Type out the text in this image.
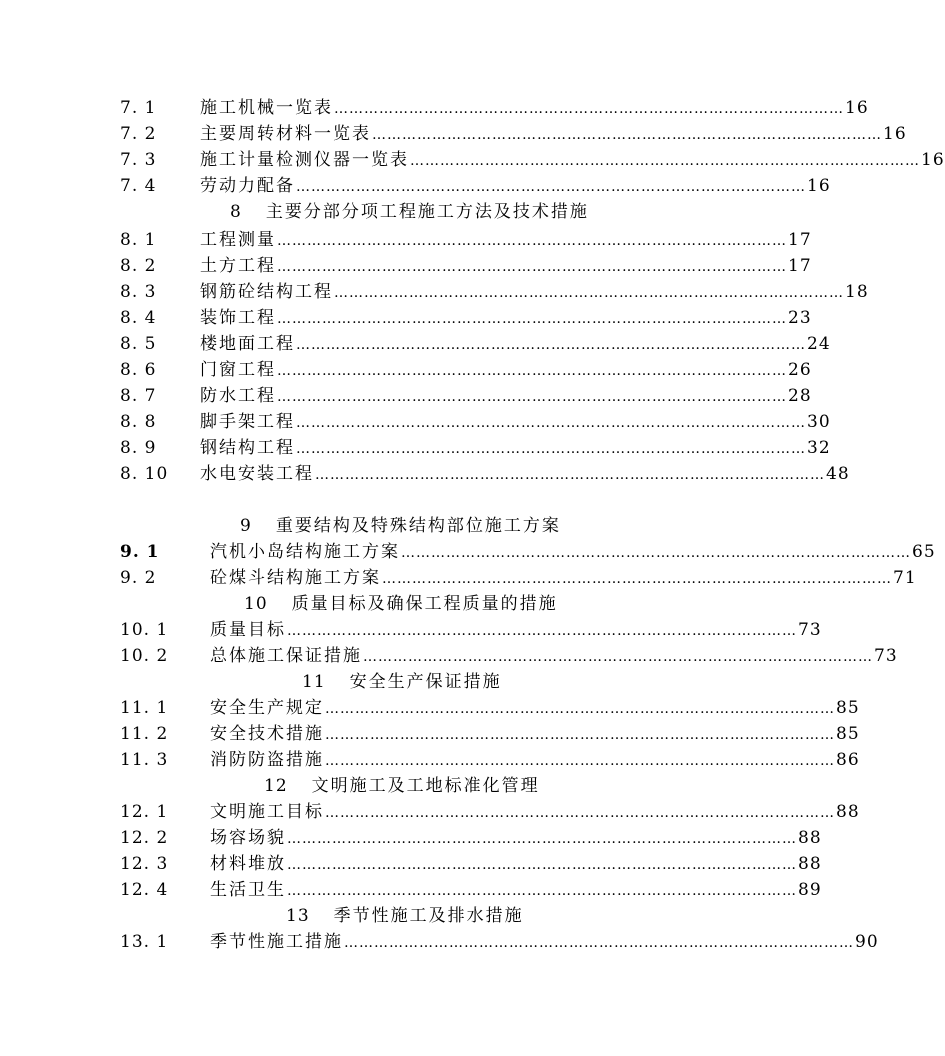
7. 1	施工机械一览表 ………………………………………………………………………………………… 16
7. 2	主要周转材料一览表 ………………………………………………………………………………………… 16
7. 3	施工计量检测仪器一览表 ………………………………………………………………………………………… 16
7. 4	劳动力配备 ………………………………………………………………………………………… 16
8 主要分部分项工程施工方法及技术措施
8. 1	工程测量 ………………………………………………………………………………………… 17
8. 2	土方工程 ………………………………………………………………………………………… 17
8. 3	钢筋砼结构工程 ………………………………………………………………………………………… 18
8. 4	装饰工程 ………………………………………………………………………………………… 23
8. 5	楼地面工程 ………………………………………………………………………………………… 24
8. 6	门窗工程 ………………………………………………………………………………………… 26
8. 7	防水工程 ………………………………………………………………………………………… 28
8. 8	脚手架工程 ………………………………………………………………………………………… 30
8. 9	钢结构工程 ………………………………………………………………………………………… 32
8. 10 水电安装工程 ………………………………………………………………………………………… 48
9 重要结构及特殊结构部位施工方案
9. 1	汽机小岛结构施工方案 ………………………………………………………………………………………… 65
9. 2	砼煤斗结构施工方案 ………………………………………………………………………………………… 71
10 质量目标及确保工程质量的措施
10. 1 质量目标 ………………………………………………………………………………………… 73
10. 2 总体施工保证措施 ………………………………………………………………………………………… 73
11 安全生产保证措施
11. 1 安全生产规定 ………………………………………………………………………………………… 85
11. 2 安全技术措施 ………………………………………………………………………………………… 85
11. 3 消防防盗措施 ………………………………………………………………………………………… 86
12 文明施工及工地标准化管理
12. 1 文明施工目标 ………………………………………………………………………………………… 88
12. 2 场容场貌 ………………………………………………………………………………………… 88
12. 3 材料堆放 ………………………………………………………………………………………… 88
12. 4 生活卫生 ………………………………………………………………………………………… 89
13 季节性施工及排水措施
13. 1 季节性施工措施 ………………………………………………………………………………………… 90
